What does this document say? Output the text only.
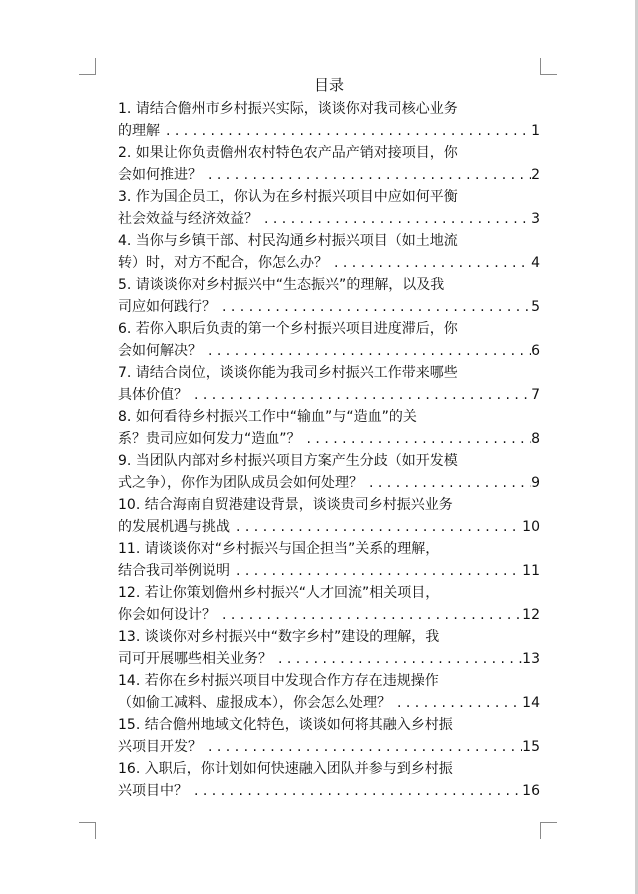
目录
1. 请结合儋州市乡村振兴实际，谈谈你对我司核心业务
的理解 . . .	1
2. 如果让你负责儋州农村特色农产品产销对接项目，你
会如何推进？ . . .	2
3. 作为国企员工，你认为在乡村振兴项目中应如何平衡
社会效益与经济效益？ . . .	3
4. 当你与乡镇干部、村民沟通乡村振兴项目（如土地流
转）时，对方不配合，你怎么办？ . . .	4
5. 请谈谈你对乡村振兴中“生态振兴”的理解，以及我
司应如何践行？ . . .	5
6. 若你入职后负责的第一个乡村振兴项目进度滞后，你
会如何解决？ . . .	6
7. 请结合岗位，谈谈你能为我司乡村振兴工作带来哪些
具体价值？ . . .	7
8. 如何看待乡村振兴工作中“输血”与“造血”的关
系？贵司应如何发力“造血”？ . . .	8
9. 当团队内部对乡村振兴项目方案产生分歧（如开发模
式之争），你作为团队成员会如何处理？ . . .	9
10. 结合海南自贸港建设背景，谈谈贵司乡村振兴业务
的发展机遇与挑战 . . .	10
11. 请谈谈你对“乡村振兴与国企担当”关系的理解，
结合我司举例说明 . . .	11
12. 若让你策划儋州乡村振兴“人才回流”相关项目，
你会如何设计？ . . .	12
13. 谈谈你对乡村振兴中“数字乡村”建设的理解，我
司可开展哪些相关业务？ . . .	13
14. 若你在乡村振兴项目中发现合作方存在违规操作
（如偷工减料、虚报成本），你会怎么处理？ . . .	14
15. 结合儋州地域文化特色，谈谈如何将其融入乡村振
兴项目开发？ . . .	15
16. 入职后，你计划如何快速融入团队并参与到乡村振
兴项目中？ . . .	16
